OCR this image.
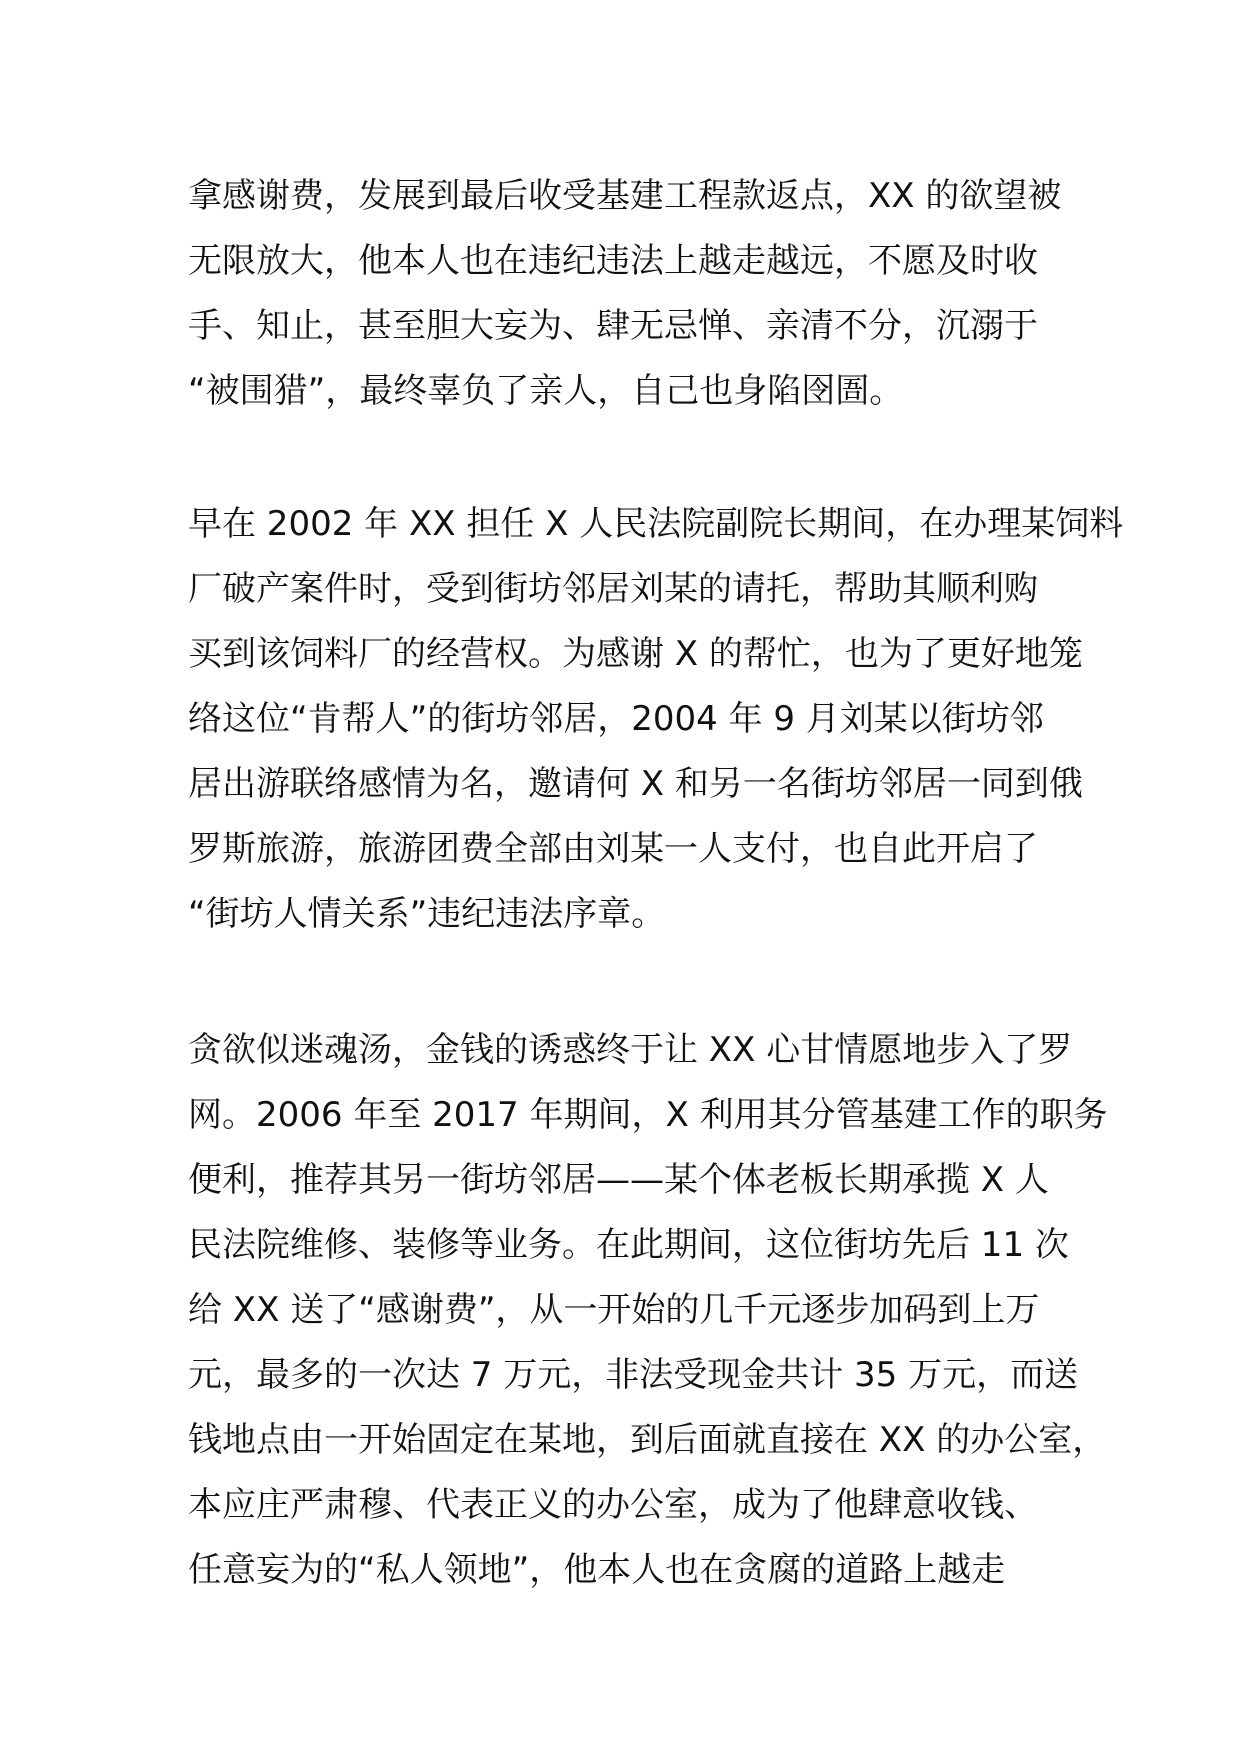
拿感谢费，发展到最后收受基建工程款返点，XX 的欲望被
无限放大，他本人也在违纪违法上越走越远，不愿及时收
手、知止，甚至胆大妄为、肆无忌惮、亲清不分，沉溺于
“被围猎”，最终辜负了亲人，自己也身陷囹圄。
早在 2002 年 XX 担任 X 人民法院副院长期间，在办理某饲料
厂破产案件时，受到街坊邻居刘某的请托，帮助其顺利购
买到该饲料厂的经营权。为感谢 X 的帮忙，也为了更好地笼
络这位“肯帮人”的街坊邻居，2004 年 9 月刘某以街坊邻
居出游联络感情为名，邀请何 X 和另一名街坊邻居一同到俄
罗斯旅游，旅游团费全部由刘某一人支付，也自此开启了
“街坊人情关系”违纪违法序章。
贪欲似迷魂汤，金钱的诱惑终于让 XX 心甘情愿地步入了罗
网。2006 年至 2017 年期间，X 利用其分管基建工作的职务
便利，推荐其另一街坊邻居——某个体老板长期承揽 X 人
民法院维修、装修等业务。在此期间，这位街坊先后 11 次
给 XX 送了“感谢费”，从一开始的几千元逐步加码到上万
元，最多的一次达 7 万元，非法受现金共计 35 万元，而送
钱地点由一开始固定在某地，到后面就直接在 XX 的办公室，
本应庄严肃穆、代表正义的办公室，成为了他肆意收钱、
任意妄为的“私人领地”，他本人也在贪腐的道路上越走
